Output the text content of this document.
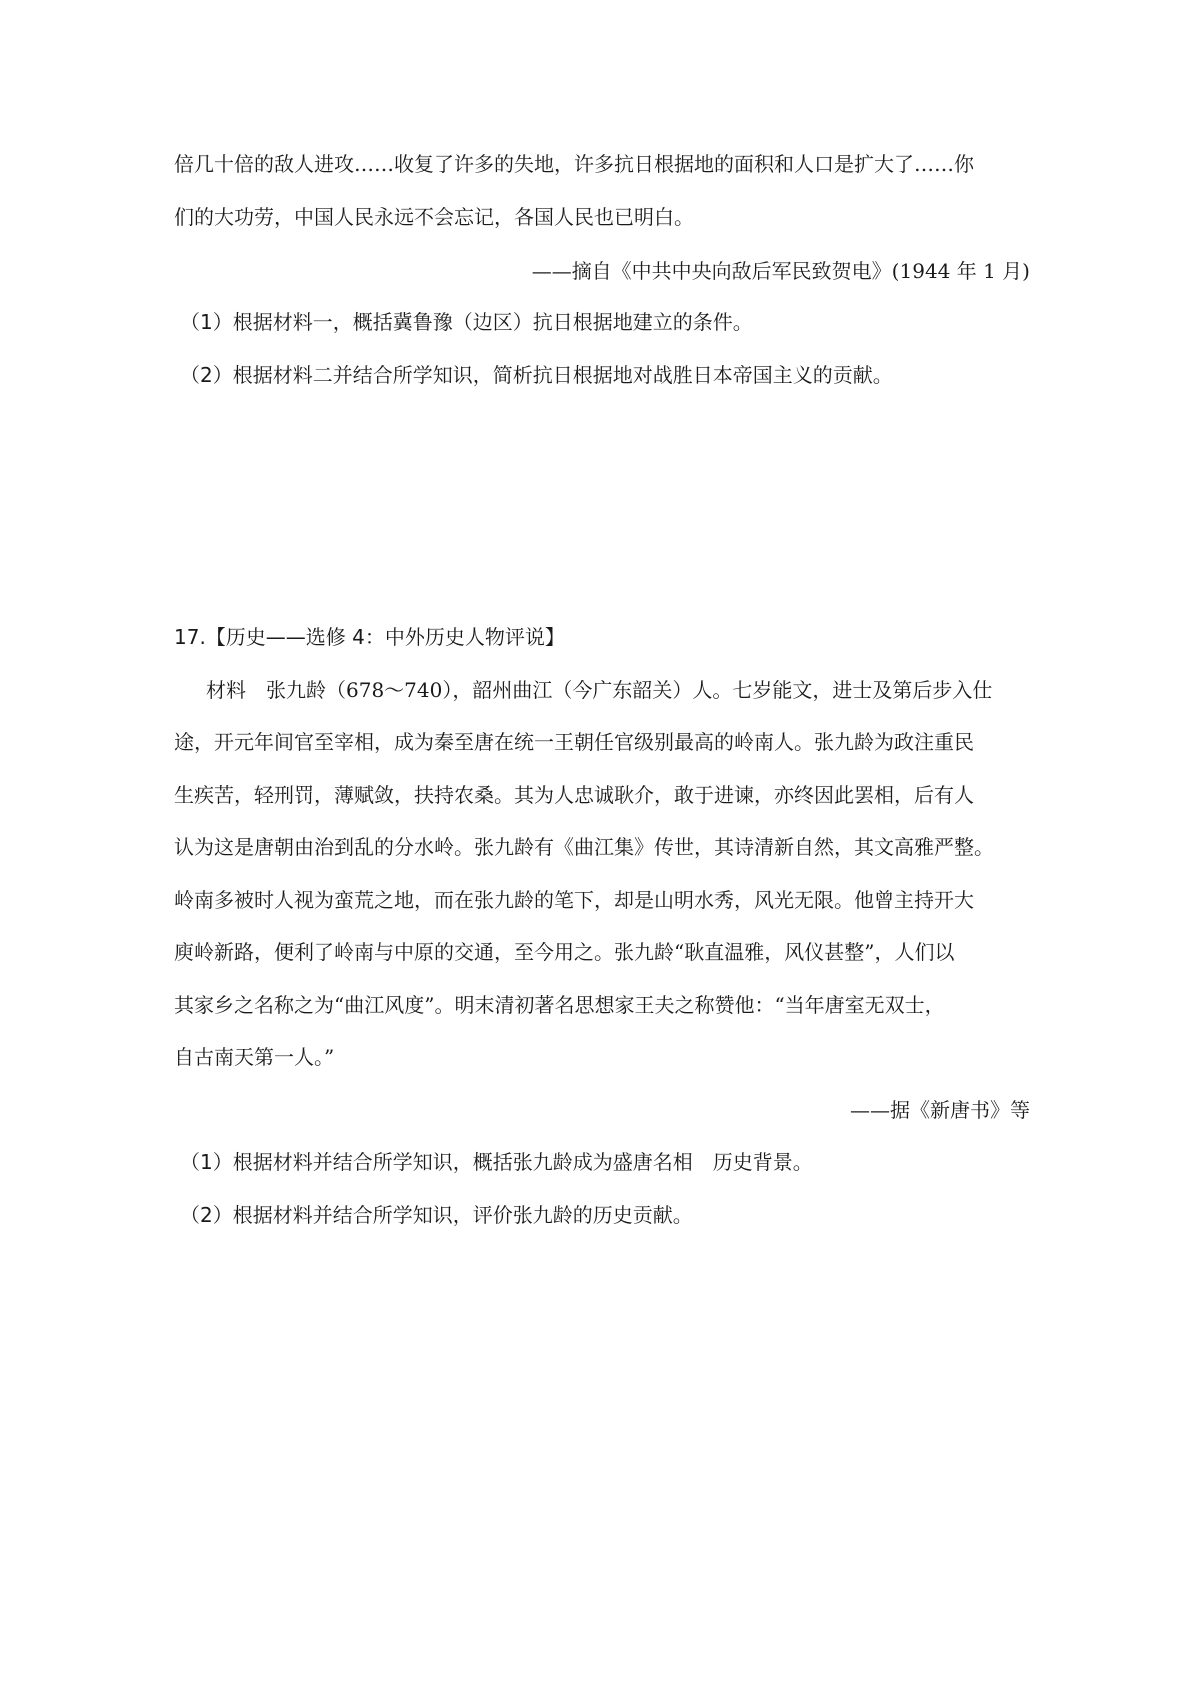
倍几十倍的敌人进攻……收复了许多的失地，许多抗日根据地的面积和人口是扩大了……你
们的大功劳，中国人民永远不会忘记，各国人民也已明白。
——摘自《中共中央向敌后军民致贺电》(1944 年 1 月)
（1）根据材料一，概括冀鲁豫（边区）抗日根据地建立的条件。
（2）根据材料二并结合所学知识，简析抗日根据地对战胜日本帝国主义的贡献。
17.【历史——选修 4：中外历史人物评说】
材料　张九龄（678～740），韶州曲江（今广东韶关）人。七岁能文，进士及第后步入仕
途，开元年间官至宰相，成为秦至唐在统一王朝任官级别最高的岭南人。张九龄为政注重民
生疾苦，轻刑罚，薄赋敛，扶持农桑。其为人忠诚耿介，敢于进谏，亦终因此罢相，后有人
认为这是唐朝由治到乱的分水岭。张九龄有《曲江集》传世，其诗清新自然，其文高雅严整。
岭南多被时人视为蛮荒之地，而在张九龄的笔下，却是山明水秀，风光无限。他曾主持开大
庾岭新路，便利了岭南与中原的交通，至今用之。张九龄“耿直温雅，风仪甚整”，人们以
其家乡之名称之为“曲江风度”。明末清初著名思想家王夫之称赞他：“当年唐室无双士，
自古南天第一人。”
——据《新唐书》等
（1）根据材料并结合所学知识，概括张九龄成为盛唐名相　历史背景。
（2）根据材料并结合所学知识，评价张九龄的历史贡献。
